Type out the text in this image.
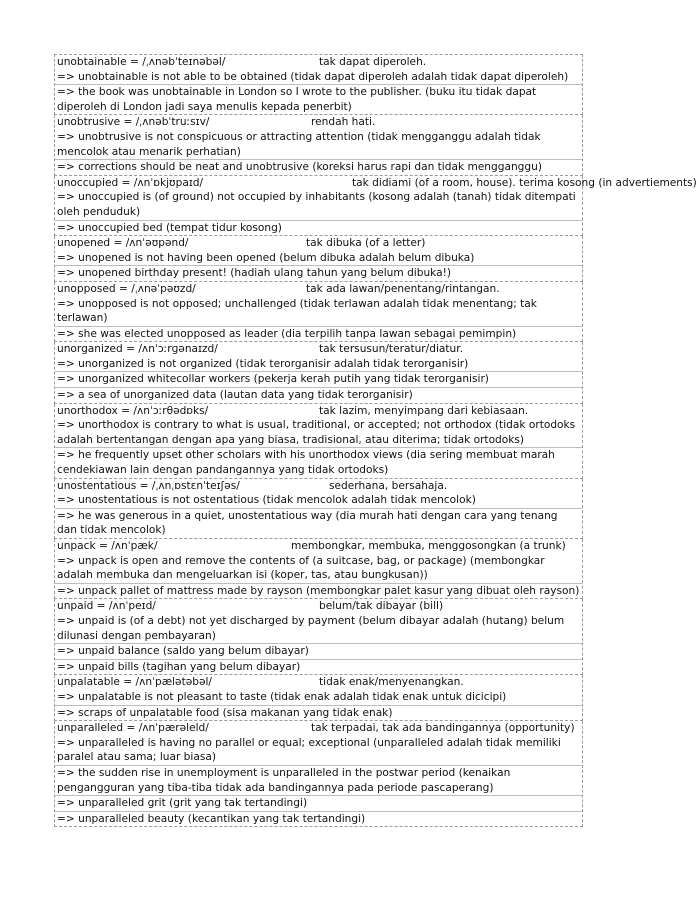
unobtainable = /ˌʌnəbˈteɪnəbəl/	tak dapat diperoleh.
=> unobtainable is not able to be obtained (tidak dapat diperoleh adalah tidak dapat diperoleh)
=> the book was unobtainable in London so I wrote to the publisher. (buku itu tidak dapat diperoleh di London jadi saya menulis kepada penerbit)
unobtrusive = /ˌʌnəbˈtruːsɪv/	rendah hati.
=> unobtrusive is not conspicuous or attracting attention (tidak mengganggu adalah tidak mencolok atau menarik perhatian)
=> corrections should be neat and unobtrusive (koreksi harus rapi dan tidak mengganggu)
unoccupied = /ʌnˈɒkjʊpaɪd/	tak didiami (of a room, house). terima kosong (in advertiements)
=> unoccupied is (of ground) not occupied by inhabitants (kosong adalah (tanah) tidak ditempati oleh penduduk)
=> unoccupied bed (tempat tidur kosong)
unopened = /ʌnˈəʊpənd/	tak dibuka (of a letter)
=> unopened is not having been opened (belum dibuka adalah belum dibuka)
=> unopened birthday present! (hadiah ulang tahun yang belum dibuka!)
unopposed = /ˌʌnəˈpəʊzd/	tak ada lawan/penentang/rintangan.
=> unopposed is not opposed; unchallenged (tidak terlawan adalah tidak menentang; tak terlawan)
=> she was elected unopposed as leader (dia terpilih tanpa lawan sebagai pemimpin)
unorganized = /ʌnˈɔːrɡənaɪzd/	tak tersusun/teratur/diatur.
=> unorganized is not organized (tidak terorganisir adalah tidak terorganisir)
=> unorganized whitecollar workers (pekerja kerah putih yang tidak terorganisir)
=> a sea of unorganized data (lautan data yang tidak terorganisir)
unorthodox = /ʌnˈɔːrθədɒks/	tak lazim, menyimpang dari kebiasaan.
=> unorthodox is contrary to what is usual, traditional, or accepted; not orthodox (tidak ortodoks adalah bertentangan dengan apa yang biasa, tradisional, atau diterima; tidak ortodoks)
=> he frequently upset other scholars with his unorthodox views (dia sering membuat marah cendekiawan lain dengan pandangannya yang tidak ortodoks)
unostentatious = /ˌʌnˌɒstɛnˈteɪʃəs/	sederhana, bersahaja.
=> unostentatious is not ostentatious (tidak mencolok adalah tidak mencolok)
=> he was generous in a quiet, unostentatious way (dia murah hati dengan cara yang tenang dan tidak mencolok)
unpack = /ʌnˈpæk/	membongkar, membuka, menggosongkan (a trunk)
=> unpack is open and remove the contents of (a suitcase, bag, or package) (membongkar adalah membuka dan mengeluarkan isi (koper, tas, atau bungkusan))
=> unpack pallet of mattress made by rayson (membongkar palet kasur yang dibuat oleh rayson)
unpaid = /ʌnˈpeɪd/	belum/tak dibayar (bill)
=> unpaid is (of a debt) not yet discharged by payment (belum dibayar adalah (hutang) belum dilunasi dengan pembayaran)
=> unpaid balance (saldo yang belum dibayar)
=> unpaid bills (tagihan yang belum dibayar)
unpalatable = /ʌnˈpælətəbəl/	tidak enak/menyenangkan.
=> unpalatable is not pleasant to taste (tidak enak adalah tidak enak untuk dicicipi)
=> scraps of unpalatable food (sisa makanan yang tidak enak)
unparalleled = /ʌnˈpærəleld/	tak terpadai, tak ada bandingannya (opportunity)
=> unparalleled is having no parallel or equal; exceptional (unparalleled adalah tidak memiliki paralel atau sama; luar biasa)
=> the sudden rise in unemployment is unparalleled in the postwar period (kenaikan pengangguran yang tiba-tiba tidak ada bandingannya pada periode pascaperang)
=> unparalleled grit (grit yang tak tertandingi)
=> unparalleled beauty (kecantikan yang tak tertandingi)
